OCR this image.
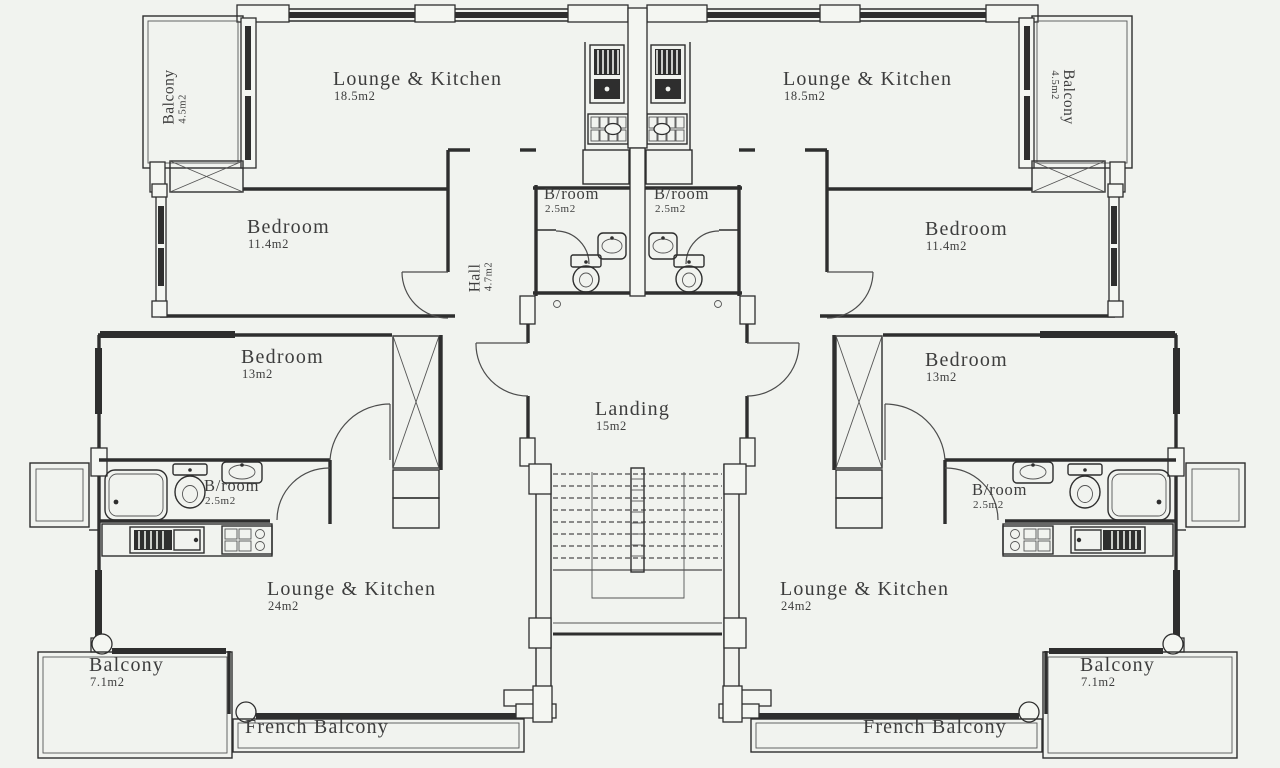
Balcony 4.5m2
Lounge & Kitchen
18.5m2
Lounge & Kitchen
18.5m2	Balcony
4.5m2
B/room
2.5m2
B/room
2.5m2
Bedroom
11.4m2
Bedroom
11.4m2
Hall 4.7m2
Landing
15m2
Bedroom
13m2
Bedroom
13m2
B/room
2.5m2
B/room
2.5m2
Lounge & Kitchen
24m2
Lounge & Kitchen
24m2
Balcony
7.1m2
Balcony
7.1m2
French Balcony	French Balcony
